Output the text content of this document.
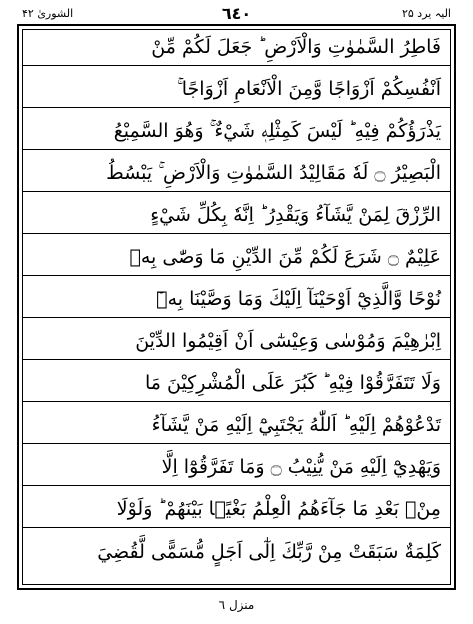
الشوریٰ ۴۲	٦٤٠	الیہ یرد ۲۵
فَاطِرُ السَّمٰوٰتِ وَالْاَرْضِ ؕ جَعَلَ لَكُمْ مِّنْ
اَنْفُسِكُمْ اَزْوَاجًا وَّمِنَ الْاَنْعَامِ اَزْوَاجًا ۚ
يَذْرَؤُكُمْ فِيْهِ ؕ لَيْسَ كَمِثْلِهٖ شَيْءٌ ۚ وَهُوَ السَّمِيْعُ
الْبَصِيْرُ ۝ لَهٗ مَقَالِيْدُ السَّمٰوٰتِ وَالْاَرْضِ ۚ يَبْسُطُ
الرِّزْقَ لِمَنْ يَّشَآءُ وَيَقْدِرُ ؕ اِنَّهٗ بِكُلِّ شَيْءٍ
عَلِيْمٌ ۝ شَرَعَ لَكُمْ مِّنَ الدِّيْنِ مَا وَصّٰى بِهٖ
نُوْحًا وَّالَّذِيْٓ اَوْحَيْنَآ اِلَيْكَ وَمَا وَصَّيْنَا بِهٖٓ
اِبْرٰهِيْمَ وَمُوْسٰى وَعِيْسٰٓى اَنْ اَقِيْمُوا الدِّيْنَ
وَلَا تَتَفَرَّقُوْا فِيْهِ ؕ كَبُرَ عَلَى الْمُشْرِكِيْنَ مَا
تَدْعُوْهُمْ اِلَيْهِ ؕ اَللّٰهُ يَجْتَبِيْٓ اِلَيْهِ مَنْ يَّشَآءُ
وَيَهْدِيْٓ اِلَيْهِ مَنْ يُّنِيْبُ ۝ وَمَا تَفَرَّقُوْٓا اِلَّا
مِنْۢ بَعْدِ مَا جَآءَهُمُ الْعِلْمُ بَغْيًۢا بَيْنَهُمْ ؕ وَلَوْلَا
كَلِمَةٌ سَبَقَتْ مِنْ رَّبِّكَ اِلٰٓى اَجَلٍ مُّسَمًّى لَّقُضِيَ
منزل ٦
